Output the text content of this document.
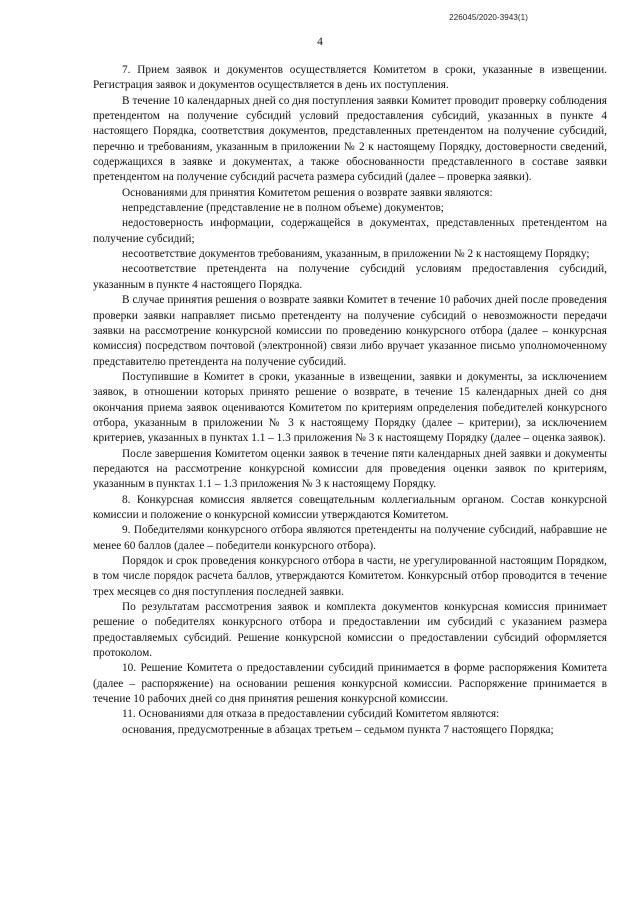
226045/2020-3943(1)
4

7. Прием заявок и документов осуществляется Комитетом в сроки, указанные в извещении. Регистрация заявок и документов осуществляется в день их поступления.

В течение 10 календарных дней со дня поступления заявки Комитет проводит проверку соблюдения претендентом на получение субсидий условий предоставления субсидий, указанных в пункте 4 настоящего Порядка, соответствия документов, представленных претендентом на получение субсидий, перечню и требованиям, указанным в приложении № 2 к настоящему Порядку, достоверности сведений, содержащихся в заявке и документах, а также обоснованности представленного в составе заявки претендентом на получение субсидий расчета размера субсидий (далее – проверка заявки).

Основаниями для принятия Комитетом решения о возврате заявки являются:

непредставление (представление не в полном объеме) документов;

недостоверность информации, содержащейся в документах, представленных претендентом на получение субсидий;

несоответствие документов требованиям, указанным, в приложении № 2 к настоящему Порядку;

несоответствие претендента на получение субсидий условиям предоставления субсидий, указанным в пункте 4 настоящего Порядка.

В случае принятия решения о возврате заявки Комитет в течение 10 рабочих дней после проведения проверки заявки направляет письмо претенденту на получение субсидий о невозможности передачи заявки на рассмотрение конкурсной комиссии по проведению конкурсного отбора (далее – конкурсная комиссия) посредством почтовой (электронной) связи либо вручает указанное письмо уполномоченному представителю претендента на получение субсидий.

Поступившие в Комитет в сроки, указанные в извещении, заявки и документы, за исключением заявок, в отношении которых принято решение о возврате, в течение 15 календарных дней со дня окончания приема заявок оцениваются Комитетом по критериям определения победителей конкурсного отбора, указанным в приложении № 3 к настоящему Порядку (далее – критерии), за исключением критериев, указанных в пунктах 1.1 – 1.3 приложения № 3 к настоящему Порядку (далее – оценка заявок).

После завершения Комитетом оценки заявок в течение пяти календарных дней заявки и документы передаются на рассмотрение конкурсной комиссии для проведения оценки заявок по критериям, указанным в пунктах 1.1 – 1.3 приложения № 3 к настоящему Порядку.

8. Конкурсная комиссия является совещательным коллегиальным органом. Состав конкурсной комиссии и положение о конкурсной комиссии утверждаются Комитетом.

9. Победителями конкурсного отбора являются претенденты на получение субсидий, набравшие не менее 60 баллов (далее – победители конкурсного отбора).

Порядок и срок проведения конкурсного отбора в части, не урегулированной настоящим Порядком, в том числе порядок расчета баллов, утверждаются Комитетом. Конкурсный отбор проводится в течение трех месяцев со дня поступления последней заявки.

По результатам рассмотрения заявок и комплекта документов конкурсная комиссия принимает решение о победителях конкурсного отбора и предоставлении им субсидий с указанием размера предоставляемых субсидий. Решение конкурсной комиссии о предоставлении субсидий оформляется протоколом.

10. Решение Комитета о предоставлении субсидий принимается в форме распоряжения Комитета (далее – распоряжение) на основании решения конкурсной комиссии. Распоряжение принимается в течение 10 рабочих дней со дня принятия решения конкурсной комиссии.

11. Основаниями для отказа в предоставлении субсидий Комитетом являются:

основания, предусмотренные в абзацах третьем – седьмом пункта 7 настоящего Порядка;
